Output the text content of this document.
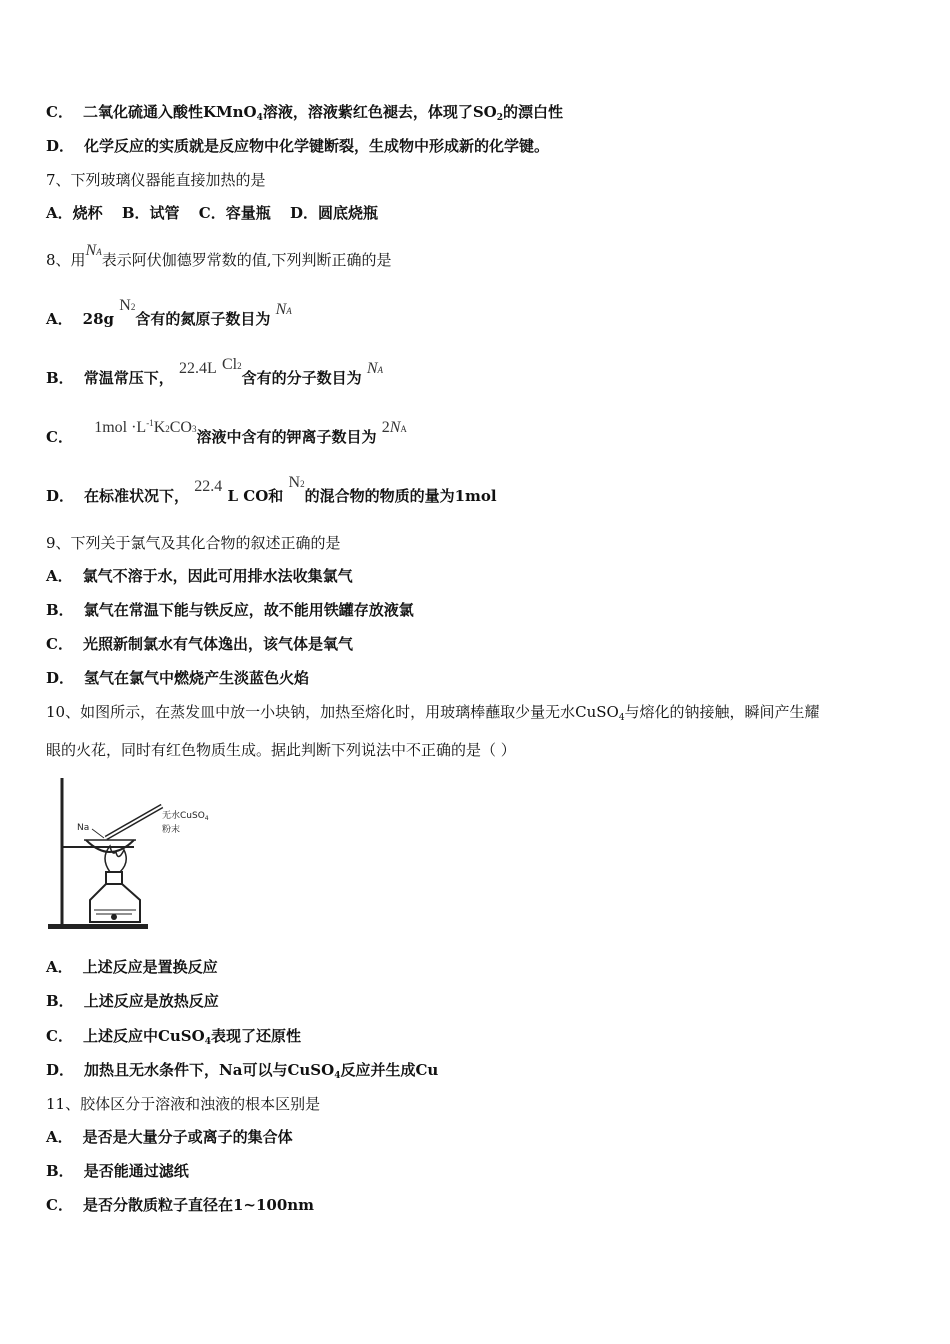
C． 二氧化硫通入酸性KMnO$_4$溶液，溶液紫红色褪去，体现了$SO_2$的漂白性
D． 化学反应的实质就是反应物中化学键断裂，生成物中形成新的化学键。
7、下列玻璃仪器能直接加热的是
A．烧杯 B．试管 C．容量瓶 D．圆底烧瓶
8、用NA表示阿伏伽德罗常数的值,下列判断正确的是
A． 28g N2含有的氮原子数目为 NA
B． 常温常压下， 22.4L Cl2含有的分子数目为 NA
C． $1mol \cdot L^{-1}K2CO3$溶液中含有的钾离子数目为 2NA
D． 在标准状况下， 22.4 L CO和 N2的混合物的物质的量为1mol
9、下列关于氯气及其化合物的叙述正确的是
A． 氯气不溶于水，因此可用排水法收集氯气
B． 氯气在常温下能与铁反应，故不能用铁罐存放液氯
C． 光照新制氯水有气体逸出，该气体是氧气
D． 氢气在氯气中燃烧产生淡蓝色火焰
10、如图所示，在蒸发皿中放一小块钠，加热至熔化时，用玻璃棒蘸取少量无水CuSO$_4$与熔化的钠接触，瞬间产生耀
眼的火花，同时有红色物质生成。据此判断下列说法中不正确的是（ ）
Na
无水CuSO$_4$
粉末
A． 上述反应是置换反应
B． 上述反应是放热反应
C． 上述反应中CuSO$_4$表现了还原性
D． 加热且无水条件下，Na可以与CuSO$_4$反应并生成Cu
11、胶体区分于溶液和浊液的根本区别是
A． 是否是大量分子或离子的集合体
B． 是否能通过滤纸
C． 是否分散质粒子直径在1~100nm
